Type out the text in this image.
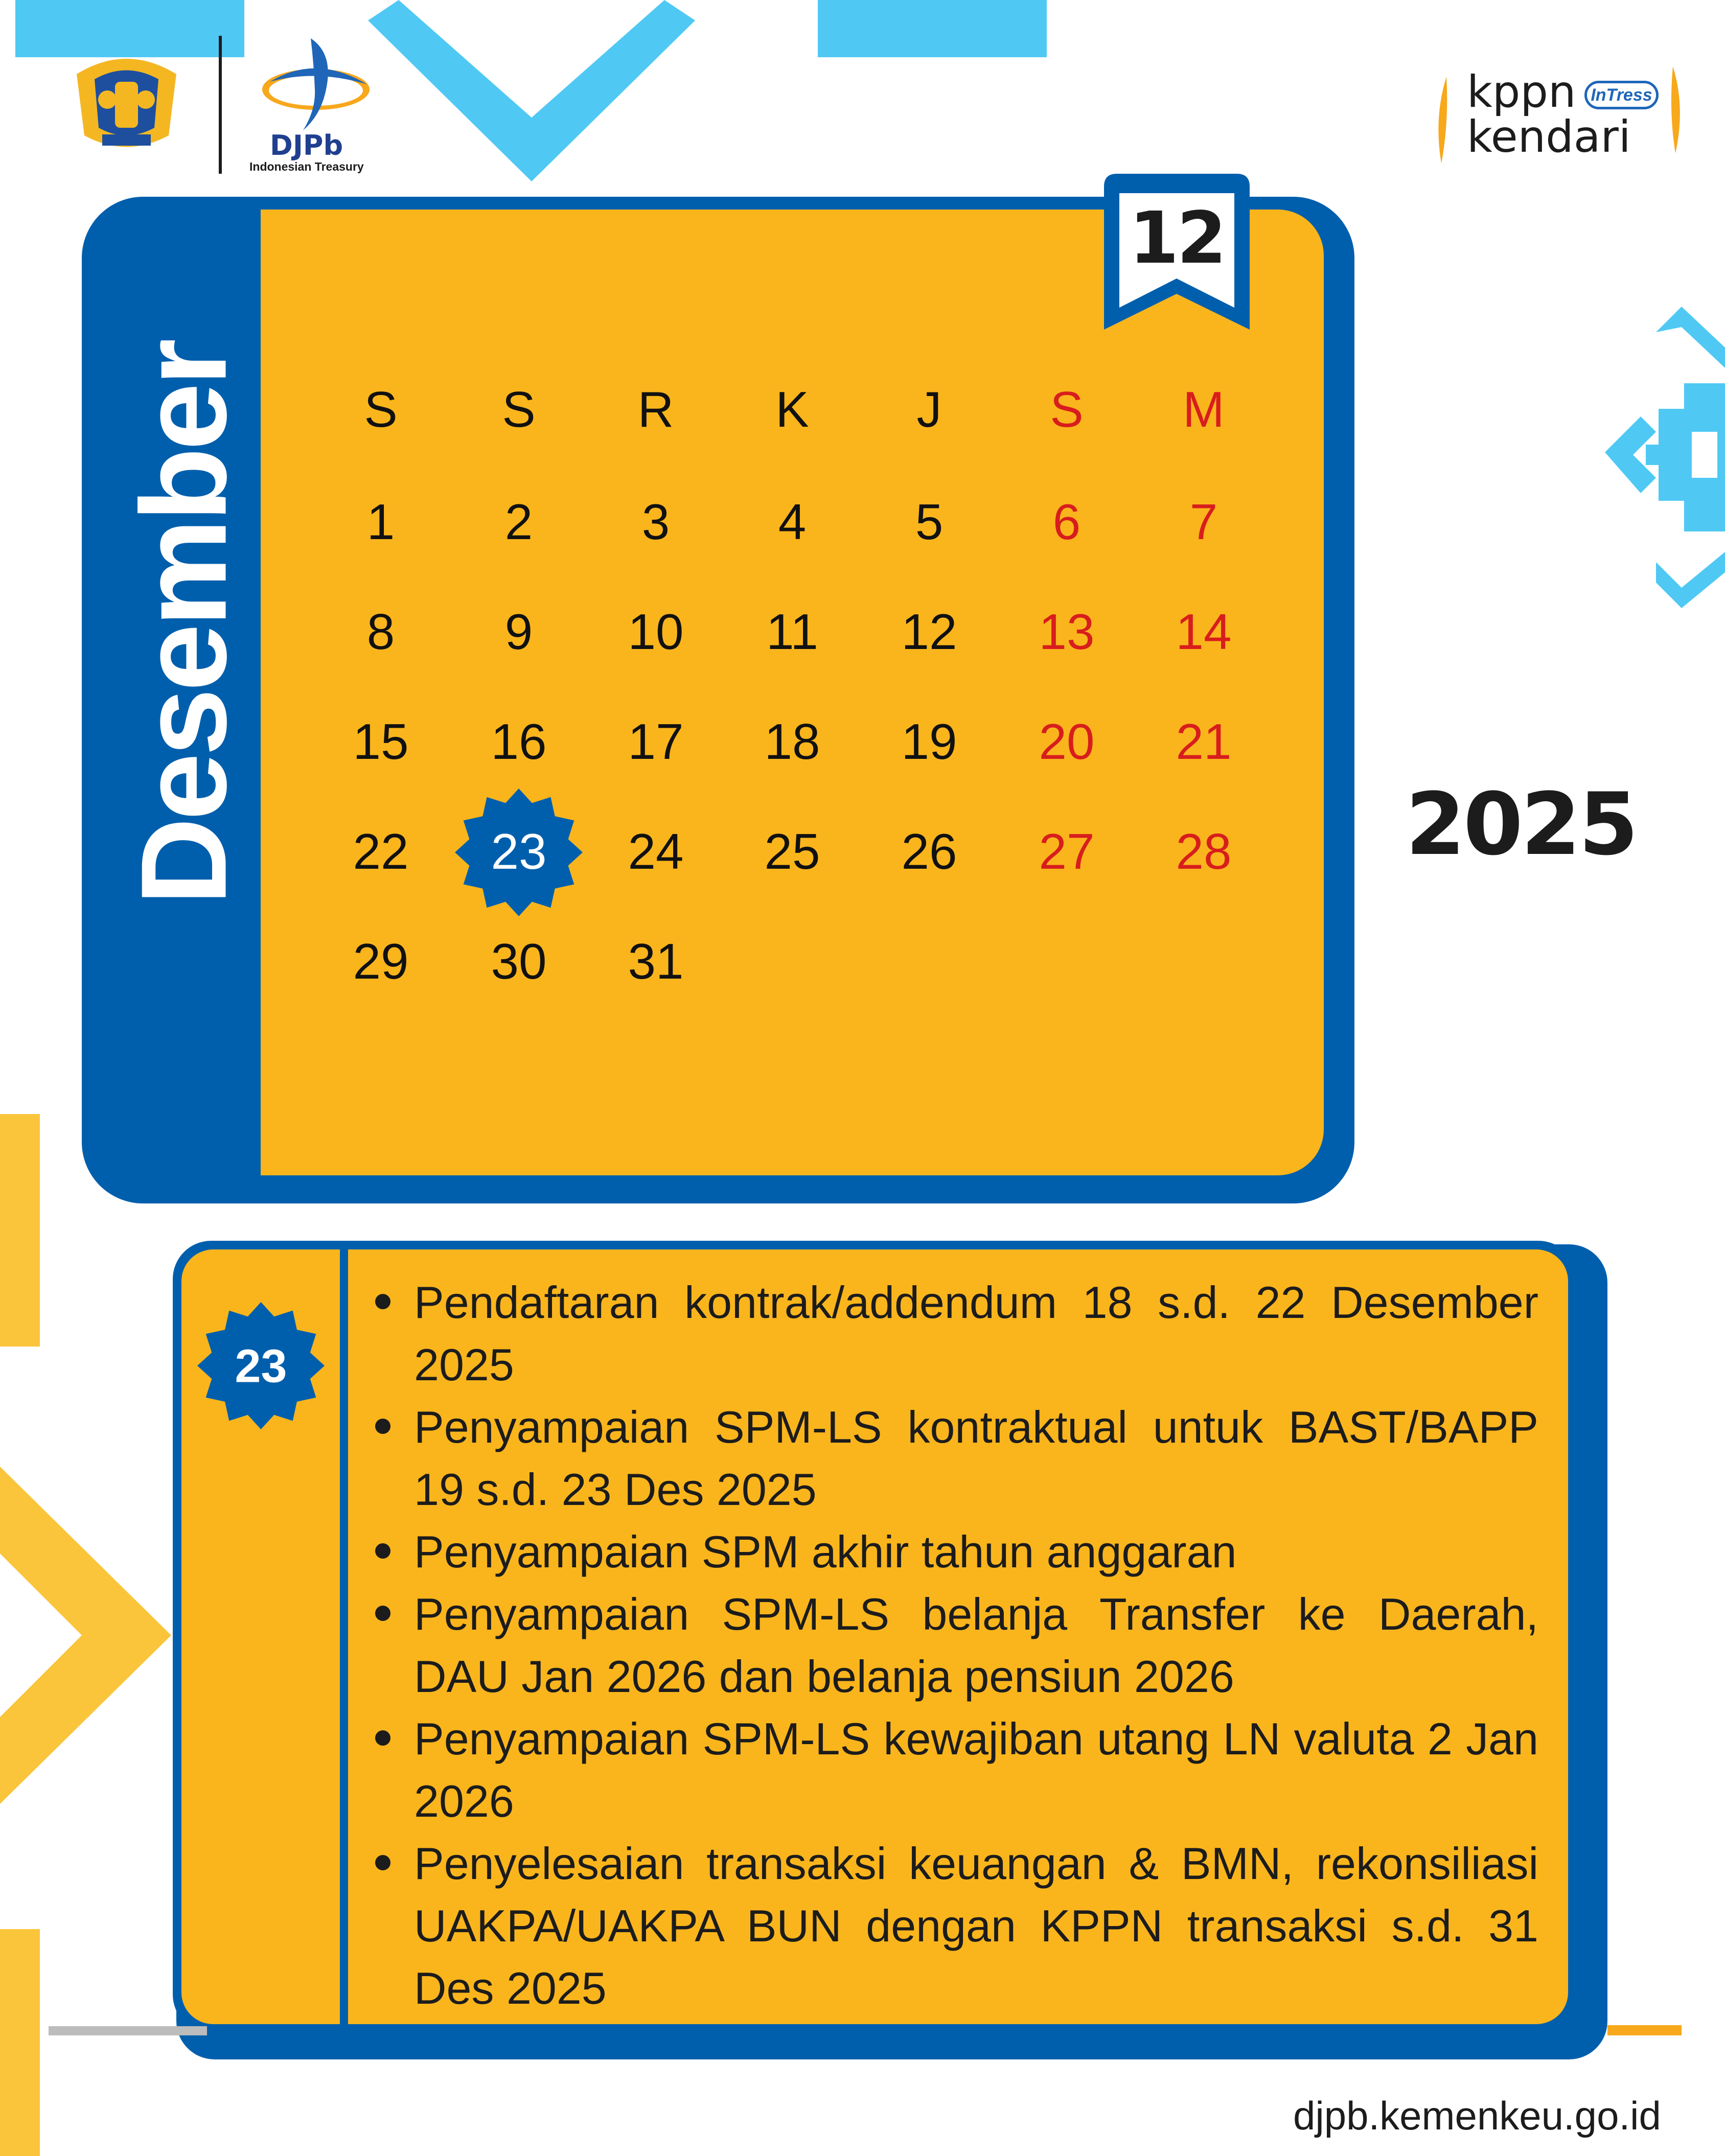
DJPb
Indonesian Treasury
kppn InTress
kendari
Desember
12
S	S	R	K	J	S	M
1	2	3	4	5	6	7
8	9	10	11	12	13	14
15	16	17	18	19	20	21
22	23	24	25	26	27	28
29	30	31
2025
23
Pendaftaran kontrak/addendum 18 s.d. 22 Desember 2025
Penyampaian SPM-LS kontraktual untuk BAST/BAPP 19 s.d. 23 Des 2025
Penyampaian SPM akhir tahun anggaran
Penyampaian SPM-LS belanja Transfer ke Daerah, DAU Jan 2026 dan belanja pensiun 2026
Penyampaian SPM-LS kewajiban utang LN valuta 2 Jan 2026
Penyelesaian transaksi keuangan & BMN, rekonsiliasi UAKPA/UAKPA BUN dengan KPPN transaksi s.d. 31 Des 2025
djpb.kemenkeu.go.id
